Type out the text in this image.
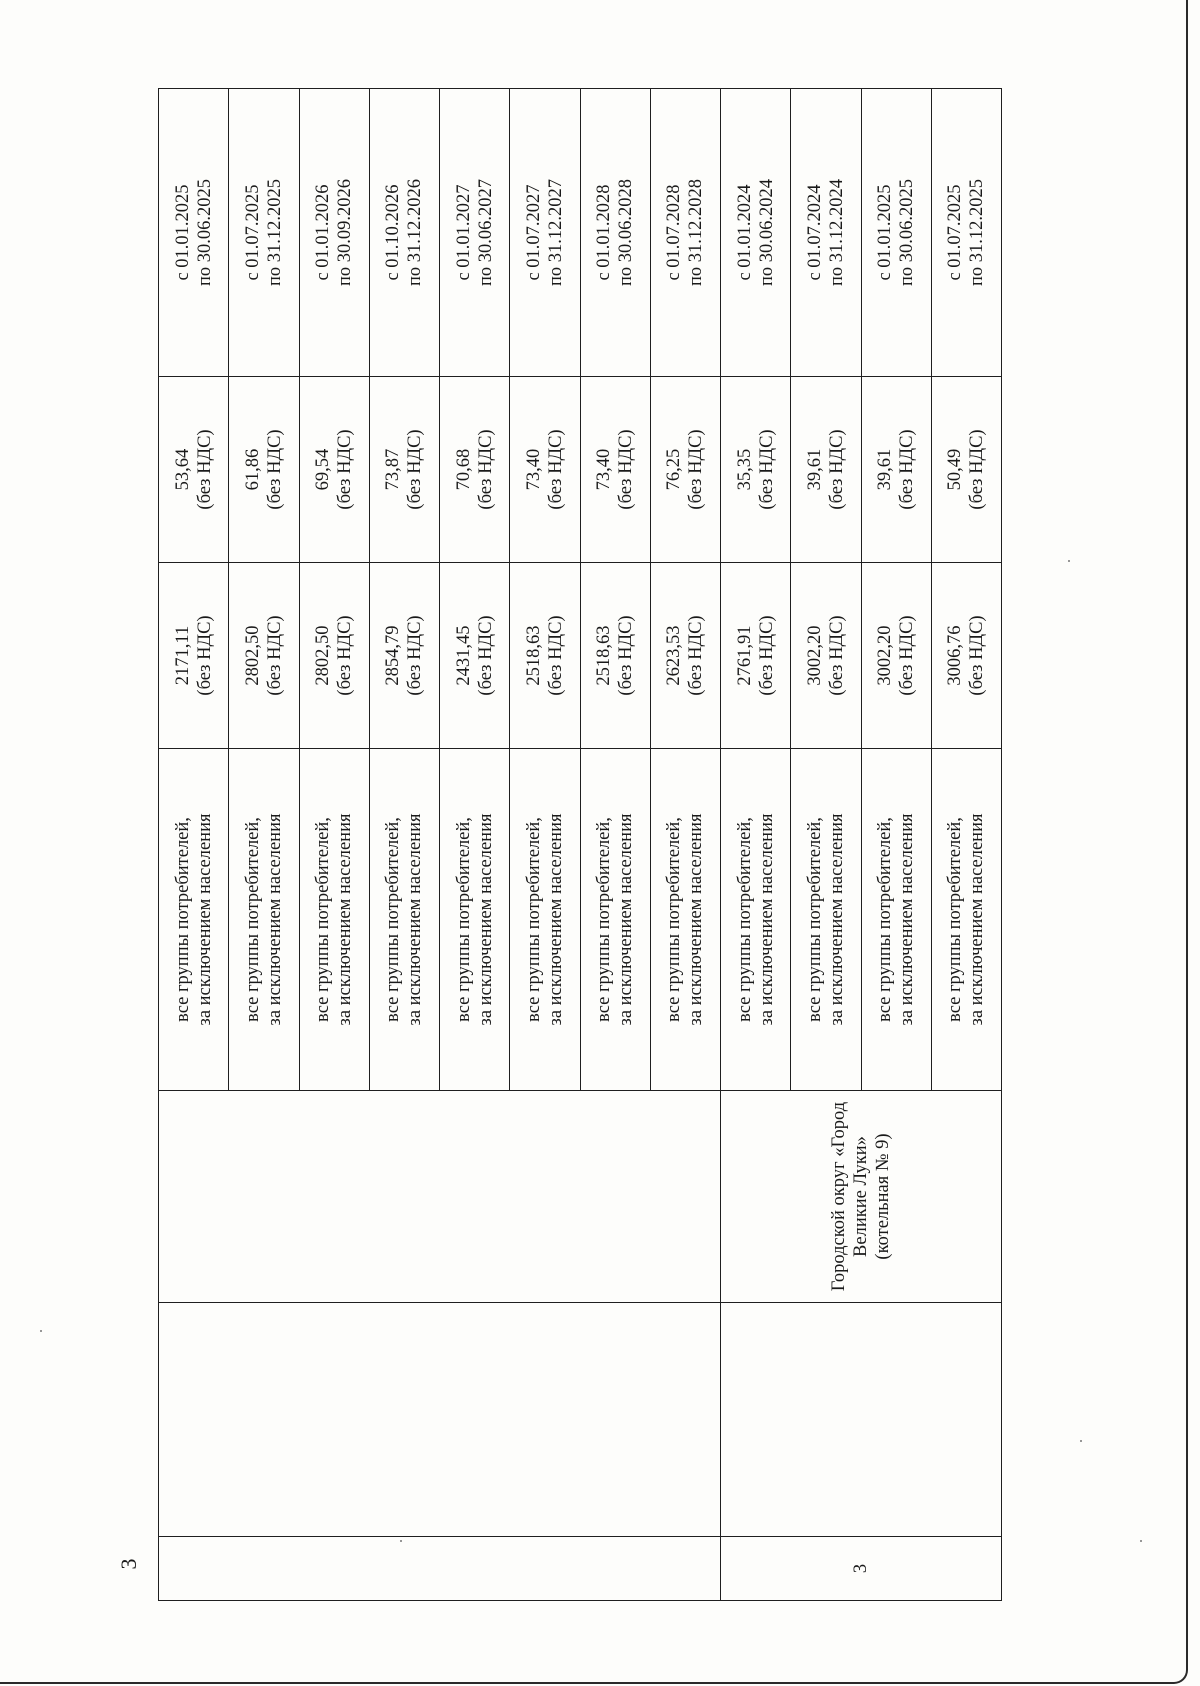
3

			все группы потребителей,
за исключением населения	2171,11
(без НДС)	53,64
(без НДС)	с 01.01.2025
по 30.06.2025

			все группы потребителей,
за исключением населения	2802,50
(без НДС)	61,86
(без НДС)	с 01.07.2025
по 31.12.2025

			все группы потребителей,
за исключением населения	2802,50
(без НДС)	69,54
(без НДС)	с 01.01.2026
по 30.09.2026

			все группы потребителей,
за исключением населения	2854,79
(без НДС)	73,87
(без НДС)	с 01.10.2026
по 31.12.2026

			все группы потребителей,
за исключением населения	2431,45
(без НДС)	70,68
(без НДС)	с 01.01.2027
по 30.06.2027

			все группы потребителей,
за исключением населения	2518,63
(без НДС)	73,40
(без НДС)	с 01.07.2027
по 31.12.2027

			все группы потребителей,
за исключением населения	2518,63
(без НДС)	73,40
(без НДС)	с 01.01.2028
по 30.06.2028

			все группы потребителей,
за исключением населения	2623,53
(без НДС)	76,25
(без НДС)	с 01.07.2028
по 31.12.2028

3		Городской округ «Город Великие Луки» (котельная № 9)	все группы потребителей,
за исключением населения	2761,91
(без НДС)	35,35
(без НДС)	с 01.01.2024
по 30.06.2024

			все группы потребителей,
за исключением населения	3002,20
(без НДС)	39,61
(без НДС)	с 01.07.2024
по 31.12.2024

			все группы потребителей,
за исключением населения	3002,20
(без НДС)	39,61
(без НДС)	с 01.01.2025
по 30.06.2025

			все группы потребителей,
за исключением населения	3006,76
(без НДС)	50,49
(без НДС)	с 01.07.2025
по 31.12.2025
